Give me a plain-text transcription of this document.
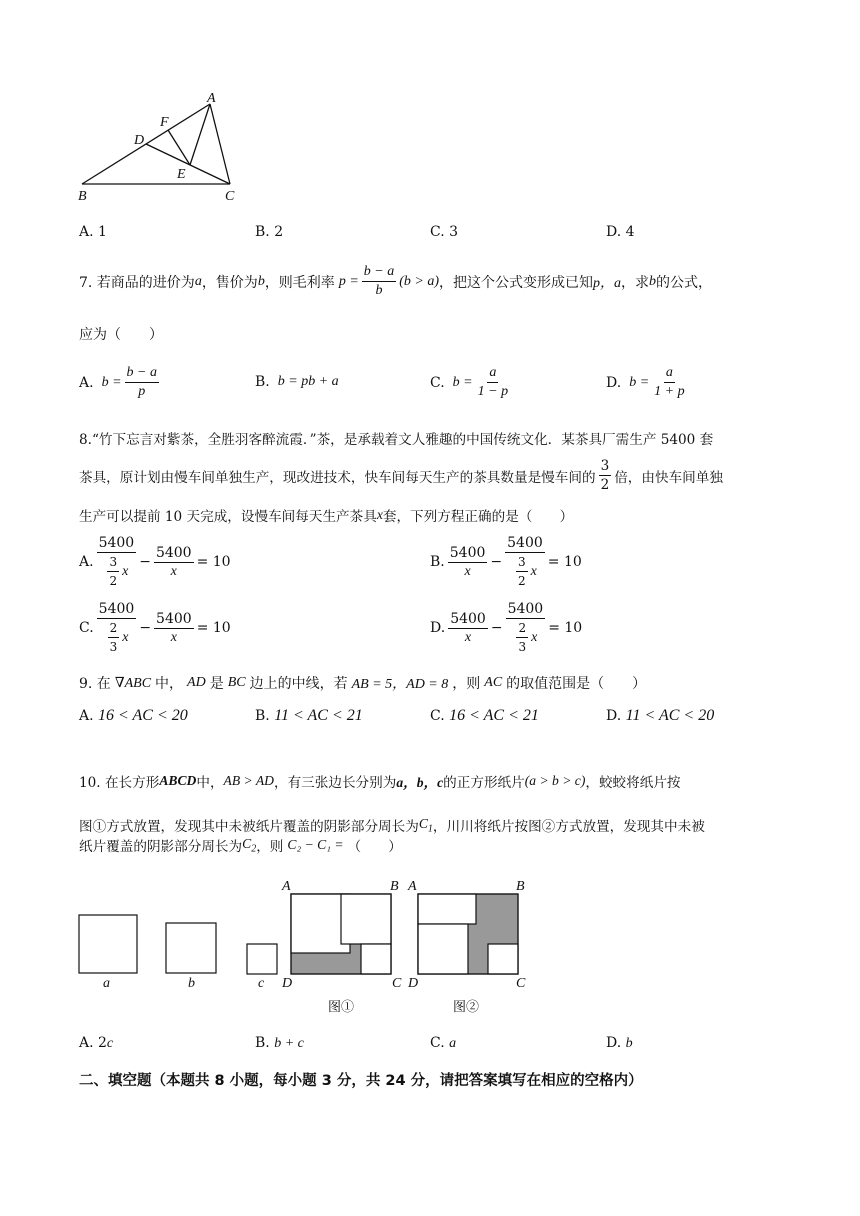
A
B	C
D
E
F
A. 1	B. 2	C. 3	D. 4
7. 若商品的进价为 a ，售价为 b ，则毛利率 $p = \frac{b - a}{b} (b > a)$ ，把这个公式变形成已知 p，a ，求 b 的公式，
应为（　　）
A. $b = \frac{b - a}{p}$	B. b = pb + a	C. $b = \frac{a}{1 - p}$	D. $b = \frac{a}{1 + p}$
8.“竹下忘言对紫茶，全胜羽客醉流霞．”茶，是承载着文人雅趣的中国传统文化．某茶具厂需生产 5400 套
茶具，原计划由慢车间单独生产，现改进技术，快车间每天生产的茶具数量是慢车间的 $\frac{3}{2}$ 倍，由快车间单独
生产可以提前 10 天完成，设慢车间每天生产茶具 x 套，下列方程正确的是（　　）
A. $\frac{5400}{\frac{3}{2} x} - \frac{5400}{x} = 10$	B. $\frac{5400}{x} - \frac{5400}{\frac{3}{2} x} = 10$
C. $\frac{5400}{\frac{2}{3} x} - \frac{5400}{x} = 10$	D. $\frac{5400}{x} - \frac{5400}{\frac{2}{3} x} = 10$
9. 在 ∇ABC 中， AD 是 BC 边上的中线，若 AB = 5，AD = 8 ，则 AC 的取值范围是（　　）
A. 16 < AC < 20	B. 11 < AC < 21	C. 16 < AC < 21	D. 11 < AC < 20
10. 在长方形 ABCD 中， AB > AD ，有三张边长分别为 a，b，c 的正方形纸片 (a > b > c) ，蛟蛟将纸片按
图①方式放置，发现其中未被纸片覆盖的阴影部分周长为 $C_1$ ，川川将纸片按图②方式放置，发现其中未被
纸片覆盖的阴影部分周长为 $C_2$ ，则 C₂ − C₁ = （　　）
a	b	c
A	B
D	C
图①
A	B
D	C
图②
A. 2c	B. b + c	C. a	D. b
二、填空题（本题共 8 小题，每小题 3 分，共 24 分，请把答案填写在相应的空格内）
